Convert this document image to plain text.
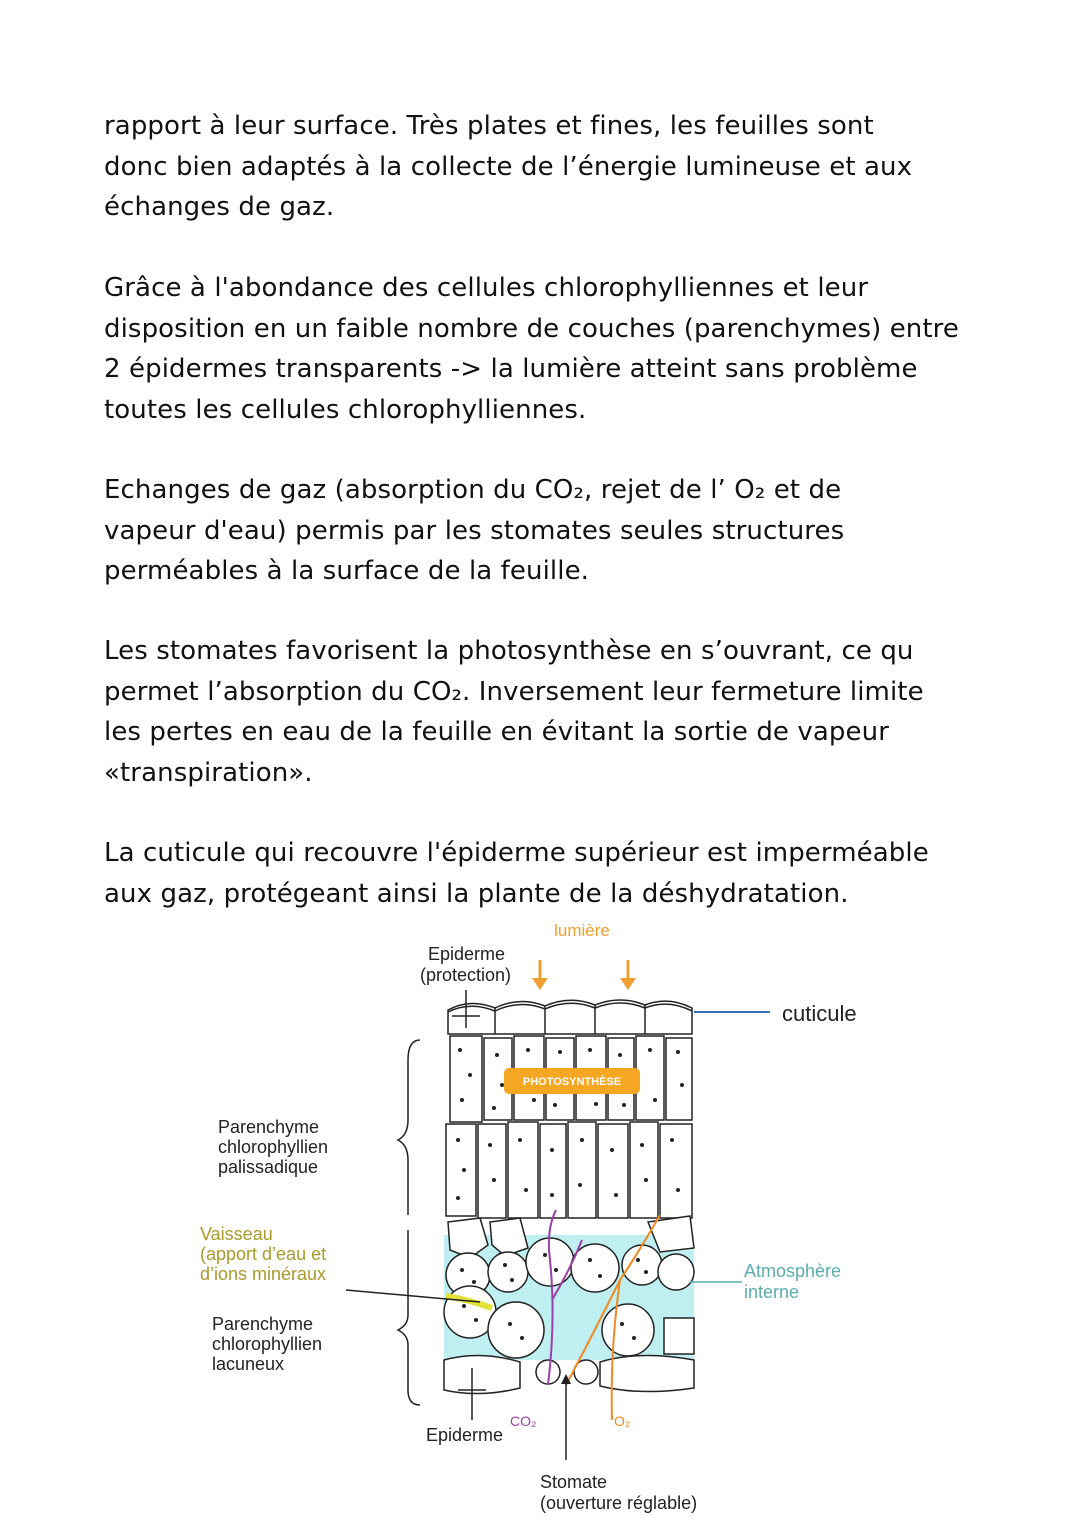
rapport à leur surface. Très plates et fines, les feuilles sont
donc bien adaptés à la collecte de l’énergie lumineuse et aux
échanges de gaz.

Grâce à l'abondance des cellules chlorophylliennes et leur
disposition en un faible nombre de couches (parenchymes) entre
2 épidermes transparents -> la lumière atteint sans problème
toutes les cellules chlorophylliennes.

Echanges de gaz (absorption du CO₂, rejet de l’ O₂ et de
vapeur d'eau) permis par les stomates seules structures
perméables à la surface de la feuille.

Les stomates favorisent la photosynthèse en s’ouvrant, ce qu
permet l’absorption du CO₂. Inversement leur fermeture limite
les pertes en eau de la feuille en évitant la sortie de vapeur
«transpiration».

La cuticule qui recouvre l'épiderme supérieur est imperméable
aux gaz, protégeant ainsi la plante de la déshydratation.

PHOTOSYNTHÈSE
lumière
Epiderme
(protection)
cuticule
Parenchyme
chlorophyllien
palissadique
Vaisseau
(apport d’eau et
d’ions minéraux	Atmosphère
interne
Parenchyme
chlorophyllien
lacuneux
Epiderme
CO₂	O₂
Stomate
(ouverture réglable)
